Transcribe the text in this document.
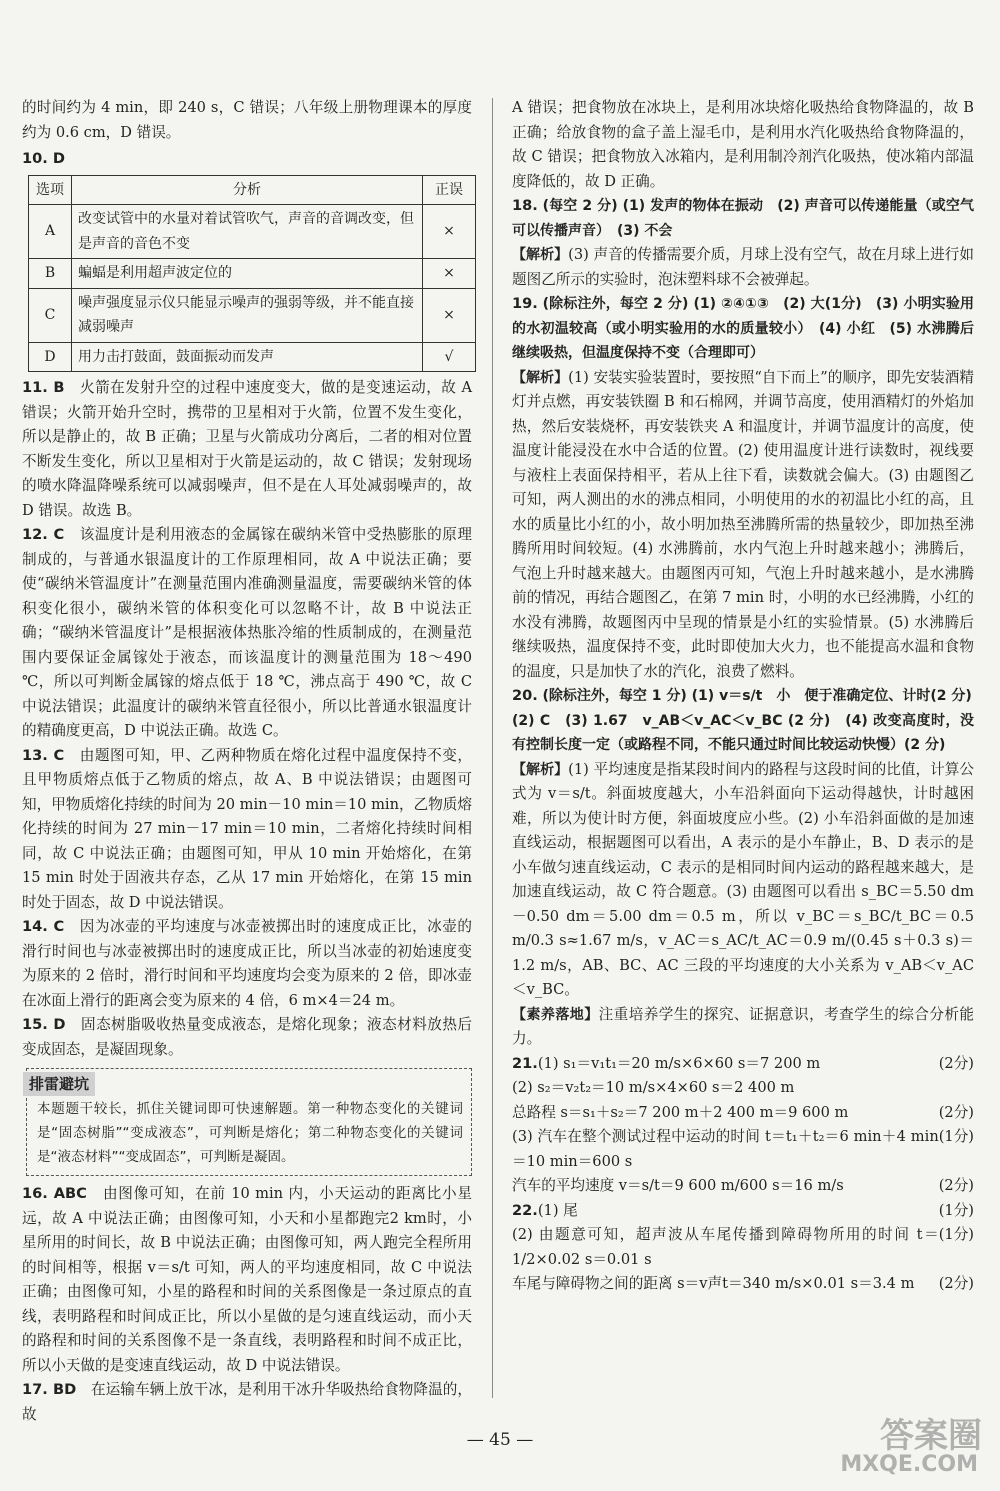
的时间约为 4 min，即 240 s，C 错误；八年级上册物理课本的厚度约为 0.6 cm，D 错误。

10. D

选项	分析	正误
A	改变试管中的水量对着试管吹气，声音的音调改变，但是声音的音色不变	×
B	蝙蝠是利用超声波定位的	×
C	噪声强度显示仪只能显示噪声的强弱等级，并不能直接减弱噪声	×
D	用力击打鼓面，鼓面振动而发声	√

11. B　 火箭在发射升空的过程中速度变大，做的是变速运动，故 A 错误；火箭开始升空时，携带的卫星相对于火箭，位置不发生变化，所以是静止的，故 B 正确；卫星与火箭成功分离后，二者的相对位置不断发生变化，所以卫星相对于火箭是运动的，故 C 错误；发射现场的喷水降温降噪系统可以减弱噪声，但不是在人耳处减弱噪声的，故 D 错误。故选 B。

12. C　 该温度计是利用液态的金属镓在碳纳米管中受热膨胀的原理制成的，与普通水银温度计的工作原理相同，故 A 中说法正确；要使“碳纳米管温度计”在测量范围内准确测量温度，需要碳纳米管的体积变化很小，碳纳米管的体积变化可以忽略不计，故 B 中说法正确；“碳纳米管温度计”是根据液体热胀冷缩的性质制成的，在测量范围内要保证金属镓处于液态，而该温度计的测量范围为 18～490 ℃，所以可判断金属镓的熔点低于 18 ℃，沸点高于 490 ℃，故 C 中说法错误；此温度计的碳纳米管直径很小，所以比普通水银温度计的精确度更高，D 中说法正确。故选 C。

13. C　 由题图可知，甲、乙两种物质在熔化过程中温度保持不变，且甲物质熔点低于乙物质的熔点，故 A、B 中说法错误；由题图可知，甲物质熔化持续的时间为 20 min－10 min＝10 min，乙物质熔化持续的时间为 27 min－17 min＝10 min，二者熔化持续时间相同，故 C 中说法正确；由题图可知，甲从 10 min 开始熔化，在第 15 min 时处于固液共存态，乙从 17 min 开始熔化，在第 15 min 时处于固态，故 D 中说法错误。

14. C　 因为冰壶的平均速度与冰壶被掷出时的速度成正比，冰壶的滑行时间也与冰壶被掷出时的速度成正比，所以当冰壶的初始速度变为原来的 2 倍时，滑行时间和平均速度均会变为原来的 2 倍，即冰壶在冰面上滑行的距离会变为原来的 4 倍，6 m×4＝24 m。

15. D　 固态树脂吸收热量变成液态，是熔化现象；液态材料放热后变成固态，是凝固现象。

排雷避坑

本题题干较长，抓住关键词即可快速解题。第一种物态变化的关键词是“固态树脂”“变成液态”，可判断是熔化；第二种物态变化的关键词是“液态材料”“变成固态”，可判断是凝固。

16. ABC　 由图像可知，在前 10 min 内，小天运动的距离比小星远，故 A 中说法正确；由图像可知，小天和小星都跑完2 km时，小星所用的时间长，故 B 中说法正确；由图像可知，两人跑完全程所用的时间相等，根据 v＝s/t 可知，两人的平均速度相同，故 C 中说法正确；由图像可知，小星的路程和时间的关系图像是一条过原点的直线，表明路程和时间成正比，所以小星做的是匀速直线运动，而小天的路程和时间的关系图像不是一条直线，表明路程和时间不成正比，所以小天做的是变速直线运动，故 D 中说法错误。

17. BD　 在运输车辆上放干冰，是利用干冰升华吸热给食物降温的，故

A 错误；把食物放在冰块上，是利用冰块熔化吸热给食物降温的，故 B 正确；给放食物的盒子盖上湿毛巾，是利用水汽化吸热给食物降温的，故 C 错误；把食物放入冰箱内，是利用制冷剂汽化吸热，使冰箱内部温度降低的，故 D 正确。

18. (每空 2 分) (1) 发声的物体在振动　(2) 声音可以传递能量（或空气可以传播声音）　(3) 不会

【解析】(3) 声音的传播需要介质，月球上没有空气，故在月球上进行如题图乙所示的实验时，泡沫塑料球不会被弹起。

19. (除标注外，每空 2 分) (1) ②④①③　(2) 大(1分)　(3) 小明实验用的水初温较高（或小明实验用的水的质量较小）　(4) 小红　(5) 水沸腾后继续吸热，但温度保持不变（合理即可）

【解析】(1) 安装实验装置时，要按照“自下而上”的顺序，即先安装酒精灯并点燃，再安装铁圈 B 和石棉网，并调节高度，使用酒精灯的外焰加热，然后安装烧杯，再安装铁夹 A 和温度计，并调节温度计的高度，使温度计能浸没在水中合适的位置。(2) 使用温度计进行读数时，视线要与液柱上表面保持相平，若从上往下看，读数就会偏大。(3) 由题图乙可知，两人测出的水的沸点相同，小明使用的水的初温比小红的高，且水的质量比小红的小，故小明加热至沸腾所需的热量较少，即加热至沸腾所用时间较短。(4) 水沸腾前，水内气泡上升时越来越小；沸腾后，气泡上升时越来越大。由题图丙可知，气泡上升时越来越小，是水沸腾前的情况，再结合题图乙，在第 7 min 时，小明的水已经沸腾，小红的水没有沸腾，故题图丙中呈现的情景是小红的实验情景。(5) 水沸腾后继续吸热，温度保持不变，此时即使加大火力，也不能提高水温和食物的温度，只是加快了水的汽化，浪费了燃料。

20. (除标注外，每空 1 分) (1) v＝s/t　小　便于准确定位、计时(2 分)

(2) C　(3) 1.67　v_AB＜v_AC＜v_BC (2 分)　(4) 改变高度时，没有控制长度一定（或路程不同，不能只通过时间比较运动快慢）(2 分)

【解析】(1) 平均速度是指某段时间内的路程与这段时间的比值，计算公式为 v＝s/t。斜面坡度越大，小车沿斜面向下运动得越快，计时越困难，所以为使计时方便，斜面坡度应小些。(2) 小车沿斜面做的是加速直线运动，根据题图可以看出，A 表示的是小车静止，B、D 表示的是小车做匀速直线运动，C 表示的是相同时间内运动的路程越来越大，是加速直线运动，故 C 符合题意。(3) 由题图可以看出 s_BC＝5.50 dm－0.50 dm＝5.00 dm＝0.5 m，所以 v_BC＝s_BC/t_BC＝0.5 m/0.3 s≈1.67 m/s，v_AC＝s_AC/t_AC＝0.9 m/(0.45 s＋0.3 s)＝1.2 m/s，AB、BC、AC 三段的平均速度的大小关系为 v_AB＜v_AC＜v_BC。

【素养落地】注重培养学生的探究、证据意识，考查学生的综合分析能力。

21.	(2分)
(1) s₁＝v₁t₁＝20 m/s×6×60 s＝7 200 m

(2) s₂＝v₂t₂＝10 m/s×4×60 s＝2 400 m

(2分)
总路程 s＝s₁＋s₂＝7 200 m＋2 400 m＝9 600 m

(1分)
(3) 汽车在整个测试过程中运动的时间 t＝t₁＋t₂＝6 min＋4 min＝10 min＝600 s

(2分)
汽车的平均速度 v＝s/t＝9 600 m/600 s＝16 m/s

22.	(1分)
(1) 尾

(1分)
(2) 由题意可知，超声波从车尾传播到障碍物所用的时间 t＝1/2×0.02 s＝0.01 s

(2分)
车尾与障碍物之间的距离 s＝v声t＝340 m/s×0.01 s＝3.4 m

— 45 —	答案圈
MXQE.COM
